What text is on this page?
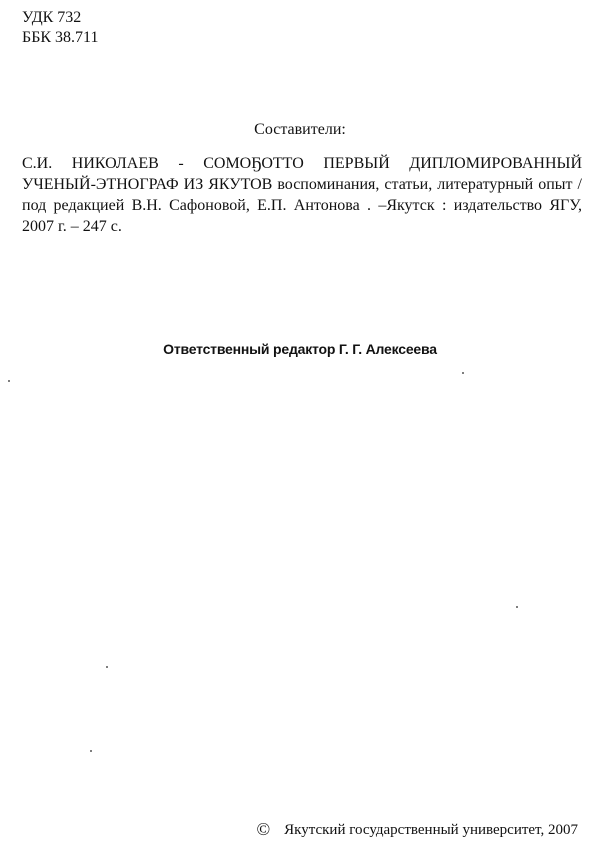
УДК 732
ББК 38.711
Составители:
С.И. НИКОЛАЕВ - СОМОҔОТТО ПЕРВЫЙ ДИПЛОМИРОВАННЫЙ УЧЕНЫЙ-ЭТНОГРАФ ИЗ ЯКУТОВ воспоминания, статьи, литературный опыт / под редакцией В.Н. Сафоновой, Е.П. Антонова . –Якутск : издательство ЯГУ, 2007 г. – 247 с.
Ответственный редактор Г. Г. Алексеева
© Якутский государственный университет, 2007
